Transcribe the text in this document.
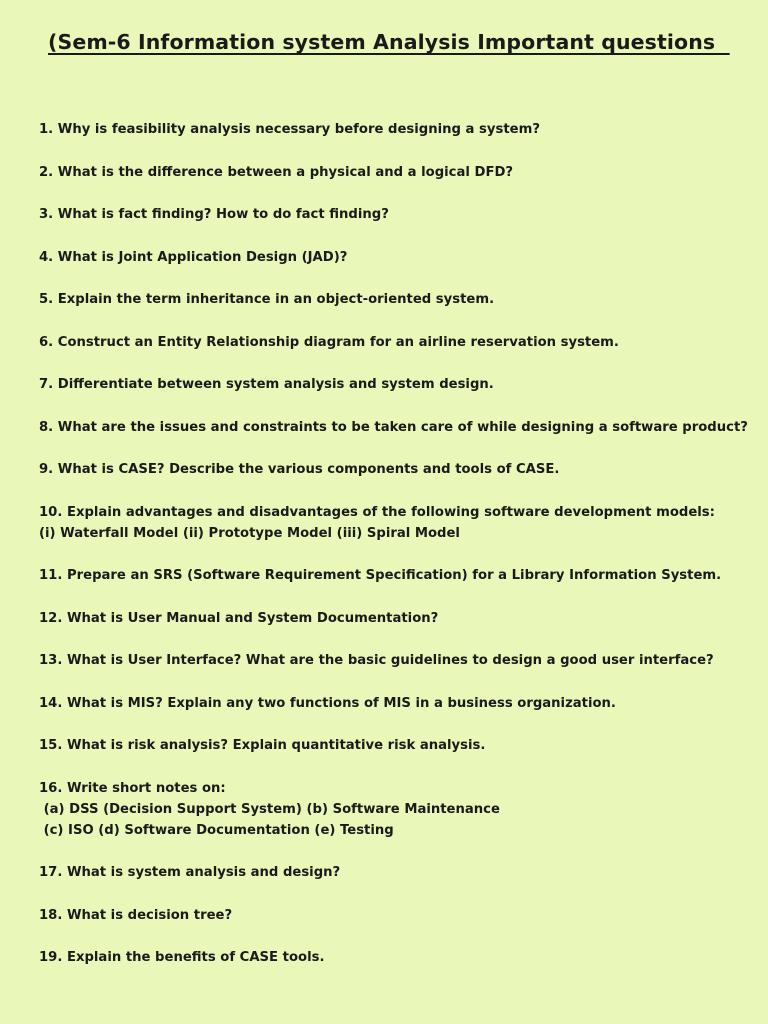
(Sem-6 Information system Analysis Important questions
1. Why is feasibility analysis necessary before designing a system?
2. What is the difference between a physical and a logical DFD?
3. What is fact finding? How to do fact finding?
4. What is Joint Application Design (JAD)?
5. Explain the term inheritance in an object-oriented system.
6. Construct an Entity Relationship diagram for an airline reservation system.
7. Differentiate between system analysis and system design.
8. What are the issues and constraints to be taken care of while designing a software product?
9. What is CASE? Describe the various components and tools of CASE.
10. Explain advantages and disadvantages of the following software development models:
(i) Waterfall Model (ii) Prototype Model (iii) Spiral Model
11. Prepare an SRS (Software Requirement Specification) for a Library Information System.
12. What is User Manual and System Documentation?
13. What is User Interface? What are the basic guidelines to design a good user interface?
14. What is MIS? Explain any two functions of MIS in a business organization.
15. What is risk analysis? Explain quantitative risk analysis.
16. Write short notes on:
(a) DSS (Decision Support System) (b) Software Maintenance
(c) ISO (d) Software Documentation (e) Testing
17. What is system analysis and design?
18. What is decision tree?
19. Explain the benefits of CASE tools.
